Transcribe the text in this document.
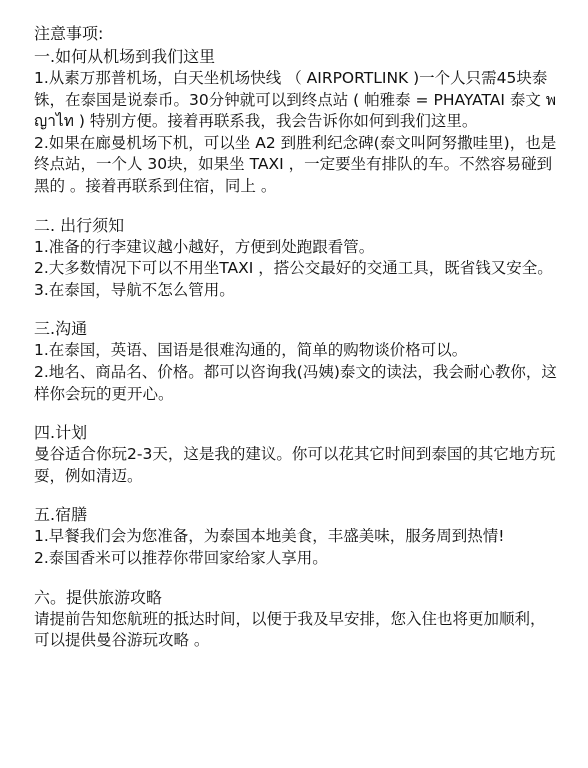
注意事项:
一.如何从机场到我们这里

1.从素万那普机场，白天坐机场快线 （ AIRPORTLINK )一个人只需45块泰铢，在泰国是说泰币。30分钟就可以到终点站 ( 帕雅泰 = PHAYATAI 泰文 พญาไท ) 特别方便。接着再联系我，我会告诉你如何到我们这里。

2.如果在廊曼机场下机，可以坐 A2 到胜利纪念碑(泰文叫阿努撒哇里)，也是终点站，一个人 30块，如果坐 TAXI ，一定要坐有排队的车。不然容易碰到黑的 。接着再联系到住宿，同上 。

二. 出行须知

1.准备的行李建议越小越好，方便到处跑跟看管。

2.大多数情况下可以不用坐TAXI ，搭公交最好的交通工具，既省钱又安全。

3.在泰国，导航不怎么管用。

三.沟通

1.在泰国，英语、国语是很难沟通的，简单的购物谈价格可以。

2.地名、商品名、价格。都可以咨询我(冯姨)泰文的读法，我会耐心教你，这样你会玩的更开心。

四.计划

曼谷适合你玩2-3天，这是我的建议。你可以花其它时间到泰国的其它地方玩耍，例如清迈。

五.宿膳

1.早餐我们会为您准备，为泰国本地美食，丰盛美味，服务周到热情!

2.泰国香米可以推荐你带回家给家人享用。

六。提供旅游攻略

请提前告知您航班的抵达时间，以便于我及早安排，您入住也将更加顺利，可以提供曼谷游玩攻略 。
